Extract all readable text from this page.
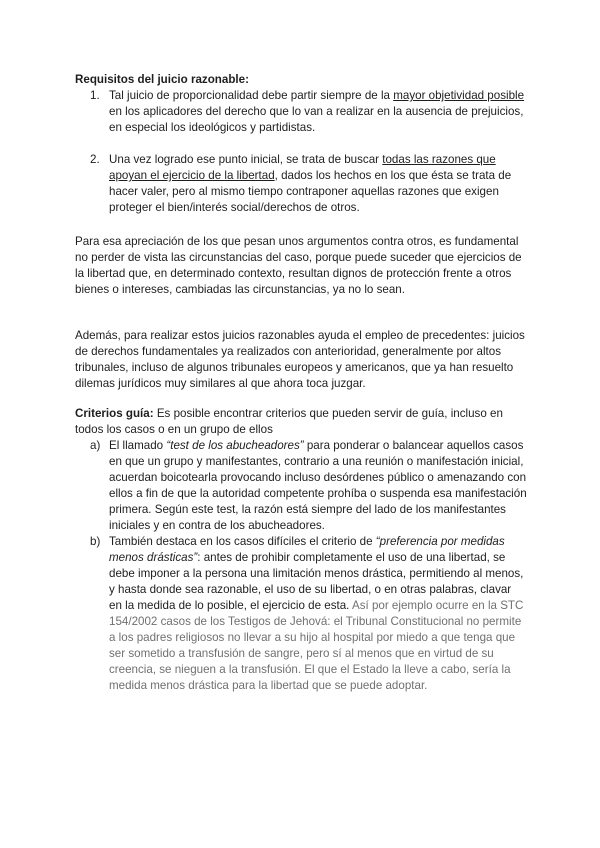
Requisitos del juicio razonable:
1. Tal juicio de proporcionalidad debe partir siempre de la mayor objetividad posible en los aplicadores del derecho que lo van a realizar en la ausencia de prejuicios, en especial los ideológicos y partidistas.
2. Una vez logrado ese punto inicial, se trata de buscar todas las razones que apoyan el ejercicio de la libertad, dados los hechos en los que ésta se trata de hacer valer, pero al mismo tiempo contraponer aquellas razones que exigen proteger el bien/interés social/derechos de otros.

Para esa apreciación de los que pesan unos argumentos contra otros, es fundamental no perder de vista las circunstancias del caso, porque puede suceder que ejercicios de la libertad que, en determinado contexto, resultan dignos de protección frente a otros bienes o intereses, cambiadas las circunstancias, ya no lo sean.

Además, para realizar estos juicios razonables ayuda el empleo de precedentes: juicios de derechos fundamentales ya realizados con anterioridad, generalmente por altos tribunales, incluso de algunos tribunales europeos y americanos, que ya han resuelto dilemas jurídicos muy similares al que ahora toca juzgar.

Criterios guía: Es posible encontrar criterios que pueden servir de guía, incluso en todos los casos o en un grupo de ellos

a) El llamado “test de los abucheadores” para ponderar o balancear aquellos casos en que un grupo y manifestantes, contrario a una reunión o manifestación inicial, acuerdan boicotearla provocando incluso desórdenes público o amenazando con ellos a fin de que la autoridad competente prohíba o suspenda esa manifestación primera. Según este test, la razón está siempre del lado de los manifestantes iniciales y en contra de los abucheadores.
b) También destaca en los casos difíciles el criterio de “preferencia por medidas menos drásticas”: antes de prohibir completamente el uso de una libertad, se debe imponer a la persona una limitación menos drástica, permitiendo al menos, y hasta donde sea razonable, el uso de su libertad, o en otras palabras, clavar en la medida de lo posible, el ejercicio de esta. Así por ejemplo ocurre en la STC 154/2002 casos de los Testigos de Jehová: el Tribunal Constitucional no permite a los padres religiosos no llevar a su hijo al hospital por miedo a que tenga que ser sometido a transfusión de sangre, pero sí al menos que en virtud de su creencia, se nieguen a la transfusión. El que el Estado la lleve a cabo, sería la medida menos drástica para la libertad que se puede adoptar.
